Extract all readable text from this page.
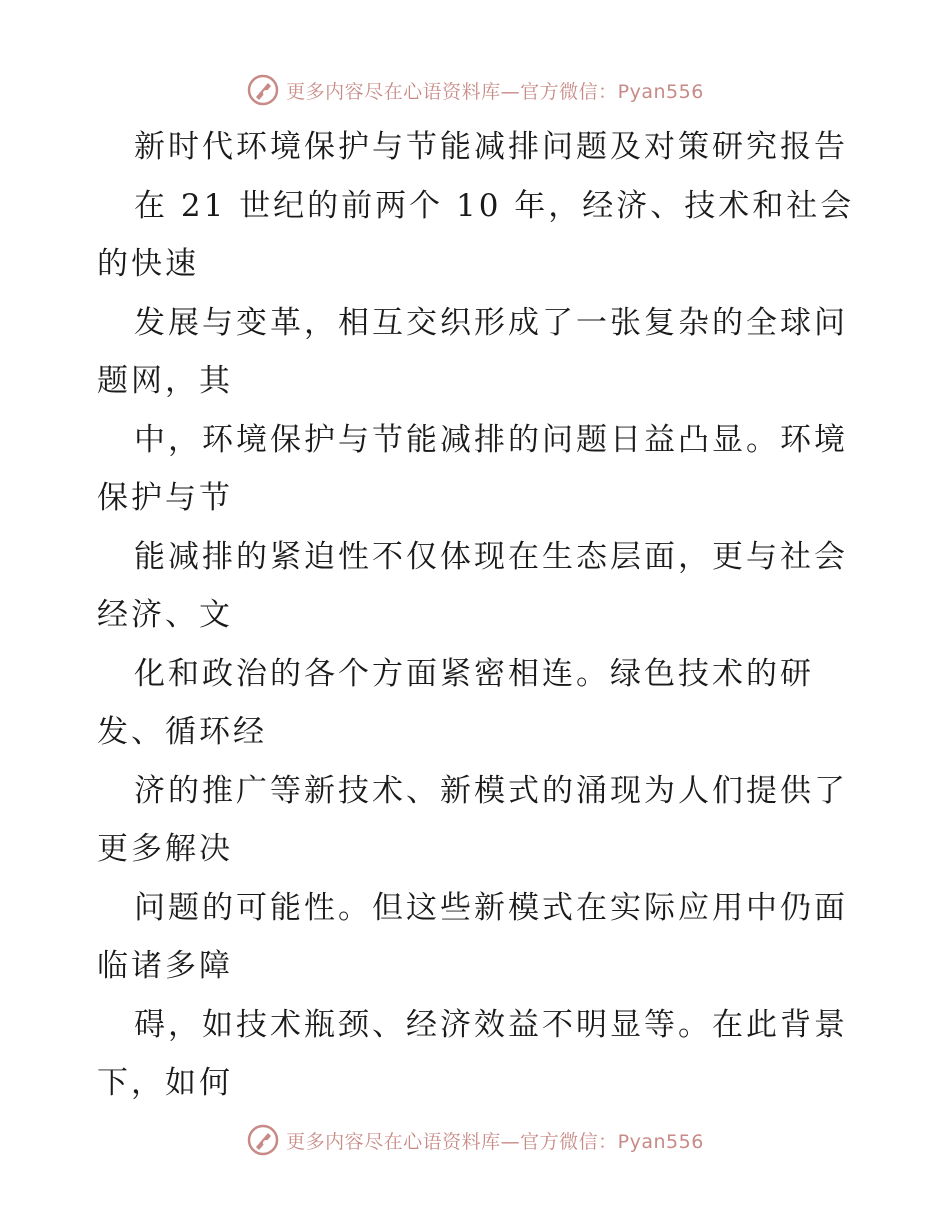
更多内容尽在心语资料库—官方微信：Pyan556
新时代环境保护与节能减排问题及对策研究报告
在 21 世纪的前两个 10 年，经济、技术和社会
的快速
发展与变革，相互交织形成了一张复杂的全球问
题网，其
中，环境保护与节能减排的问题日益凸显。环境
保护与节
能减排的紧迫性不仅体现在生态层面，更与社会
经济、文
化和政治的各个方面紧密相连。绿色技术的研
发、循环经
济的推广等新技术、新模式的涌现为人们提供了
更多解决
问题的可能性。但这些新模式在实际应用中仍面
临诸多障
碍，如技术瓶颈、经济效益不明显等。在此背景
下，如何
更多内容尽在心语资料库—官方微信：Pyan556
